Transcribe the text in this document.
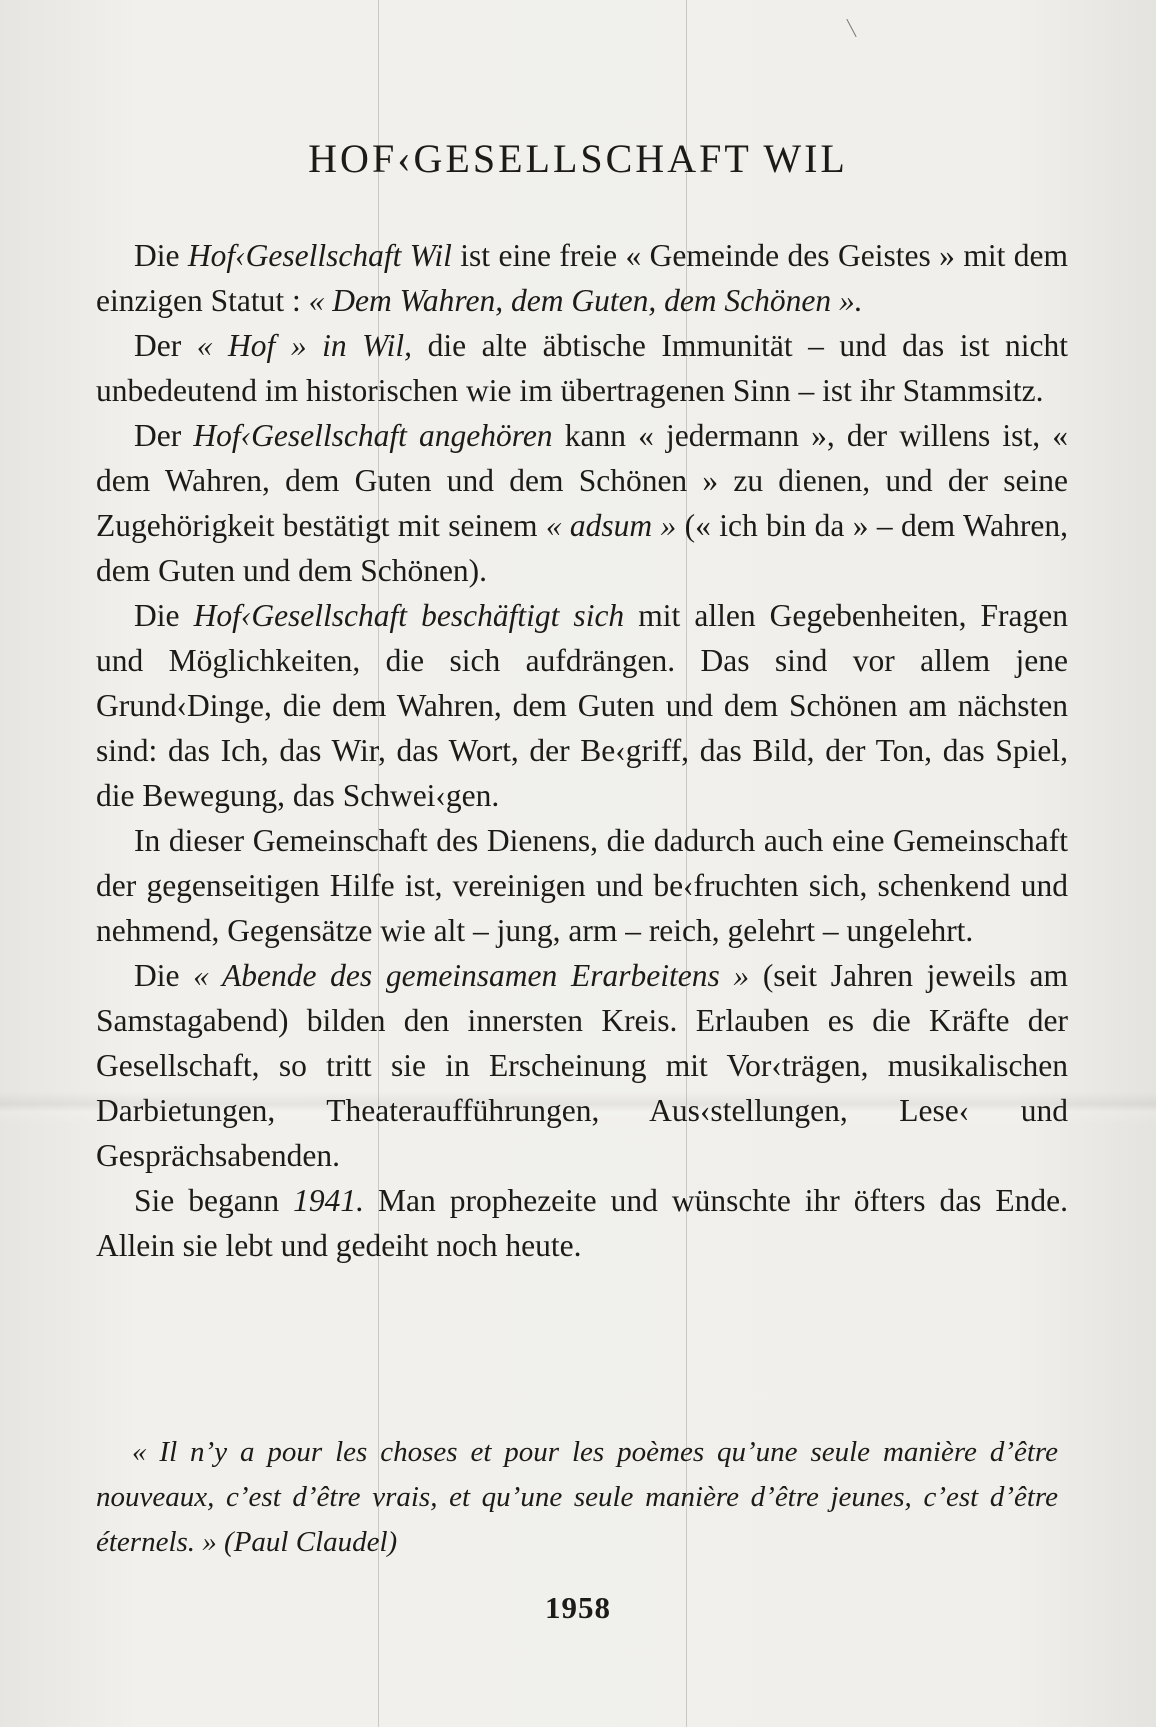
HOF‹GESELLSCHAFT WIL

Die Hof‹Gesellschaft Wil ist eine freie « Gemeinde des Geistes » mit dem einzigen Statut : « Dem Wahren, dem Guten, dem Schönen ».

Der « Hof » in Wil, die alte äbtische Immunität – und das ist nicht unbedeutend im historischen wie im übertragenen Sinn – ist ihr Stammsitz.

Der Hof‹Gesellschaft angehören kann « jedermann », der willens ist, « dem Wahren, dem Guten und dem Schönen » zu dienen, und der seine Zugehörigkeit bestätigt mit seinem « adsum » (« ich bin da » – dem Wahren, dem Guten und dem Schönen).

Die Hof‹Gesellschaft beschäftigt sich mit allen Gegebenheiten, Fragen und Möglichkeiten, die sich aufdrängen. Das sind vor allem jene Grund‹Dinge, die dem Wahren, dem Guten und dem Schönen am nächsten sind: das Ich, das Wir, das Wort, der Be‹griff, das Bild, der Ton, das Spiel, die Bewegung, das Schwei‹gen.

In dieser Gemeinschaft des Dienens, die dadurch auch eine Gemeinschaft der gegenseitigen Hilfe ist, vereinigen und be‹fruchten sich, schenkend und nehmend, Gegensätze wie alt – jung, arm – reich, gelehrt – ungelehrt.

Die « Abende des gemeinsamen Erarbeitens » (seit Jahren jeweils am Samstagabend) bilden den innersten Kreis. Erlauben es die Kräfte der Gesellschaft, so tritt sie in Erscheinung mit Vor‹trägen, musikalischen Darbietungen, Theateraufführungen, Aus‹stellungen, Lese‹ und Gesprächsabenden.

Sie begann 1941. Man prophezeite und wünschte ihr öfters das Ende. Allein sie lebt und gedeiht noch heute.

« Il n’y a pour les choses et pour les poèmes qu’une seule manière d’être nouveaux, c’est d’être vrais, et qu’une seule manière d’être jeunes, c’est d’être éternels. » (Paul Claudel)

1958
